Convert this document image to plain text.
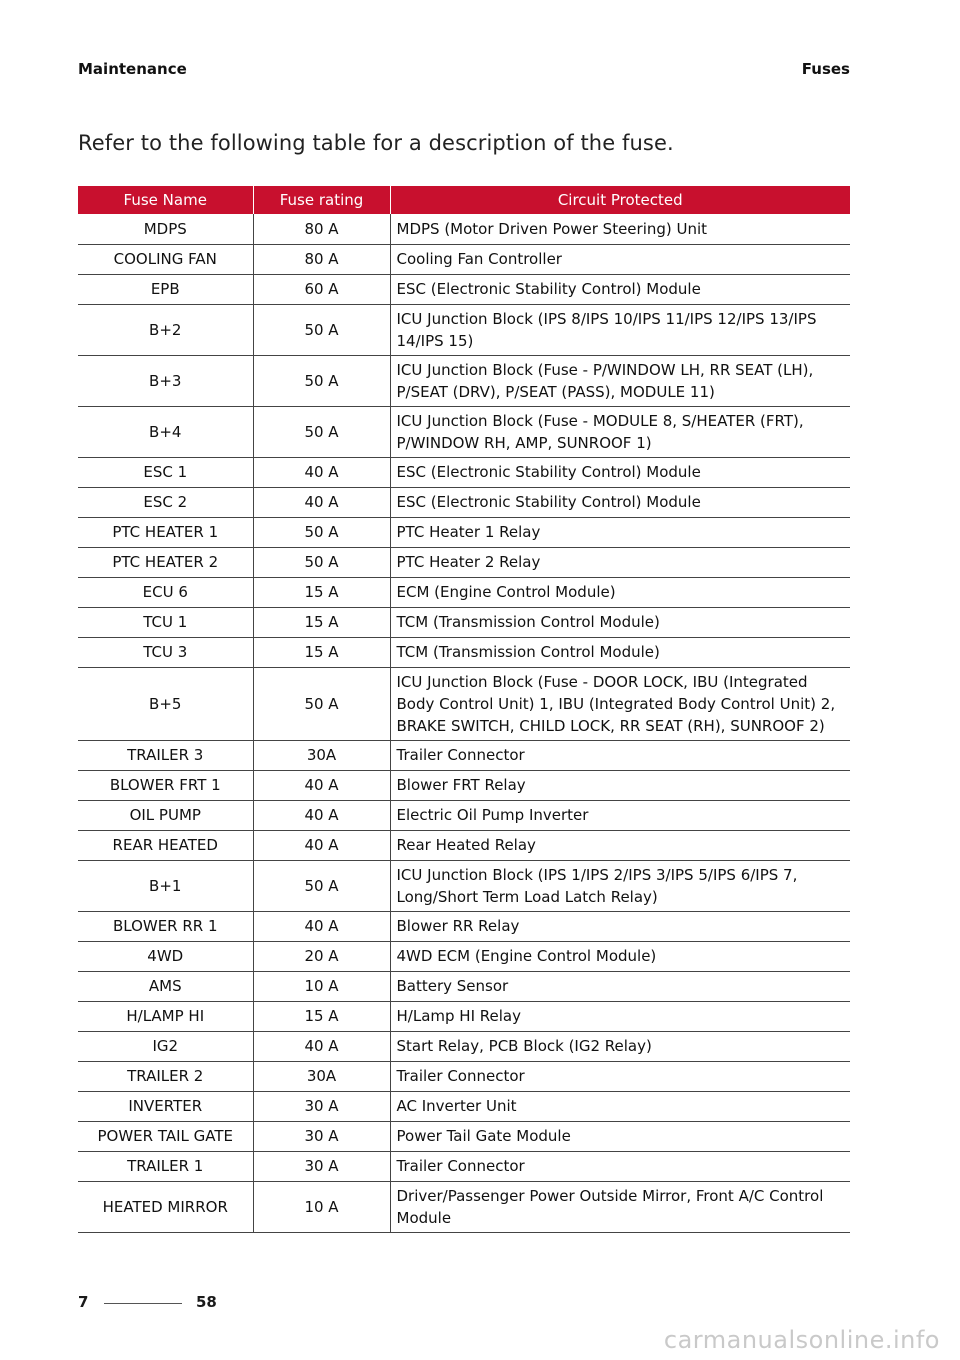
Maintenance	Fuses
Refer to the following table for a description of the fuse.
Fuse Name	Fuse rating	Circuit Protected
MDPS	80 A	MDPS (Motor Driven Power Steering) Unit
COOLING FAN	80 A	Cooling Fan Controller
EPB	60 A	ESC (Electronic Stability Control) Module
B+2	50 A	ICU Junction Block (IPS 8/IPS 10/IPS 11/IPS 12/IPS 13/IPS 14/IPS 15)
B+3	50 A	ICU Junction Block (Fuse - P/WINDOW LH, RR SEAT (LH), P/SEAT (DRV), P/SEAT (PASS), MODULE 11)
B+4	50 A	ICU Junction Block (Fuse - MODULE 8, S/HEATER (FRT), P/WINDOW RH, AMP, SUNROOF 1)
ESC 1	40 A	ESC (Electronic Stability Control) Module
ESC 2	40 A	ESC (Electronic Stability Control) Module
PTC HEATER 1	50 A	PTC Heater 1 Relay
PTC HEATER 2	50 A	PTC Heater 2 Relay
ECU 6	15 A	ECM (Engine Control Module)
TCU 1	15 A	TCM (Transmission Control Module)
TCU 3	15 A	TCM (Transmission Control Module)
B+5	50 A	ICU Junction Block (Fuse - DOOR LOCK, IBU (Integrated Body Control Unit) 1, IBU (Integrated Body Control Unit) 2, BRAKE SWITCH, CHILD LOCK, RR SEAT (RH), SUNROOF 2)
TRAILER 3	30A	Trailer Connector
BLOWER FRT 1	40 A	Blower FRT Relay
OIL PUMP	40 A	Electric Oil Pump Inverter
REAR HEATED	40 A	Rear Heated Relay
B+1	50 A	ICU Junction Block (IPS 1/IPS 2/IPS 3/IPS 5/IPS 6/IPS 7, Long/Short Term Load Latch Relay)
BLOWER RR 1	40 A	Blower RR Relay
4WD	20 A	4WD ECM (Engine Control Module)
AMS	10 A	Battery Sensor
H/LAMP HI	15 A	H/Lamp HI Relay
IG2	40 A	Start Relay, PCB Block (IG2 Relay)
TRAILER 2	30A	Trailer Connector
INVERTER	30 A	AC Inverter Unit
POWER TAIL GATE	30 A	Power Tail Gate Module
TRAILER 1	30 A	Trailer Connector
HEATED MIRROR	10 A	Driver/Passenger Power Outside Mirror, Front A/C Control Module
7	58
carmanualsonline.info
